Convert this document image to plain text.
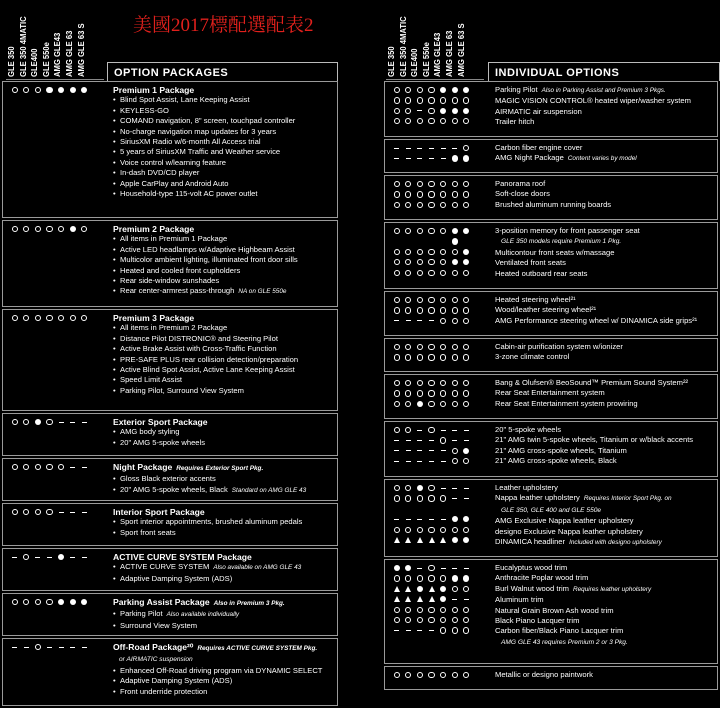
美國2017標配選配表2
GLE 350 GLE 350 4MATIC GLE400 GLE 550e AMG GLE43 AMG GLE 63 AMG GLE 63 S	OPTION PACKAGES
Premium 1 Package
• Blind Spot Assist, Lane Keeping Assist
• KEYLESS-GO
• COMAND navigation, 8" screen, touchpad controller
• No-charge navigation map updates for 3 years
• SiriusXM Radio w/6-month All Access trial
• 5 years of SiriusXM Traffic and Weather service
• Voice control w/learning feature
• In-dash DVD/CD player
• Apple CarPlay and Android Auto
• Household-type 115-volt AC power outlet
Premium 2 Package
• All items in Premium 1 Package
• Active LED headlamps w/Adaptive Highbeam Assist
• Multicolor ambient lighting, illuminated front door sills
• Heated and cooled front cupholders
• Rear side-window sunshades
• Rear center-armrest pass-through NA on GLE 550e
Premium 3 Package
• All items in Premium 2 Package
• Distance Pilot DISTRONIC® and Steering Pilot
• Active Brake Assist with Cross-Traffic Function
• PRE-SAFE PLUS rear collision detection/preparation
• Active Blind Spot Assist, Active Lane Keeping Assist
• Speed Limit Assist
• Parking Pilot, Surround View System
Exterior Sport Package
• AMG body styling
• 20" AMG 5-spoke wheels
Night Package Requires Exterior Sport Pkg.
• Gloss Black exterior accents
• 20" AMG 5-spoke wheels, Black Standard on AMG GLE 43
Interior Sport Package
• Sport interior appointments, brushed aluminum pedals
• Sport front seats
ACTIVE CURVE SYSTEM Package
• ACTIVE CURVE SYSTEM Also available on AMG GLE 43
• Adaptive Damping System (ADS)
Parking Assist Package Also in Premium 3 Pkg.
• Parking Pilot Also available individually
• Surround View System
Off-Road Package²⁰ Requires ACTIVE CURVE SYSTEM Pkg.
or AIRMATIC suspension
• Enhanced Off-Road driving program via DYNAMIC SELECT
• Adaptive Damping System (ADS)
• Front underride protection
GLE 350 GLE 350 4MATIC GLE400 GLE 550e AMG GLE43 AMG GLE 63 AMG GLE 63 S	INDIVIDUAL OPTIONS
Parking Pilot Also in Parking Assist and Premium 3 Pkgs.
MAGIC VISION CONTROL® heated wiper/washer system
AIRMATIC air suspension
Trailer hitch
Carbon fiber engine cover
AMG Night Package Content varies by model
Panorama roof
Soft-close doors
Brushed aluminum running boards
3-position memory for front passenger seat
GLE 350 models require Premium 1 Pkg.
Multicontour front seats w/massage
Ventilated front seats
Heated outboard rear seats
Heated steering wheel²¹
Wood/leather steering wheel²¹
AMG Performance steering wheel w/ DINAMICA side grips²¹
Cabin-air purification system w/ionizer
3-zone climate control
Bang & Olufsen® BeoSound™ Premium Sound System²²
Rear Seat Entertainment system
Rear Seat Entertainment system prowiring
20" 5-spoke wheels
21" AMG twin 5-spoke wheels, Titanium or w/black accents
21" AMG cross-spoke wheels, Titanium
21" AMG cross-spoke wheels, Black
Leather upholstery
Nappa leather upholstery Requires Interior Sport Pkg. on
GLE 350, GLE 400 and GLE 550e
AMG Exclusive Nappa leather upholstery
designo Exclusive Nappa leather upholstery
DINAMICA headliner Included with designo upholstery
Eucalyptus wood trim
Anthracite Poplar wood trim
Burl Walnut wood trim Requires leather upholstery
Aluminum trim
Natural Grain Brown Ash wood trim
Black Piano Lacquer trim
Carbon fiber/Black Piano Lacquer trim
AMG GLE 43 requires Premium 2 or 3 Pkg.
Metallic or designo paintwork
